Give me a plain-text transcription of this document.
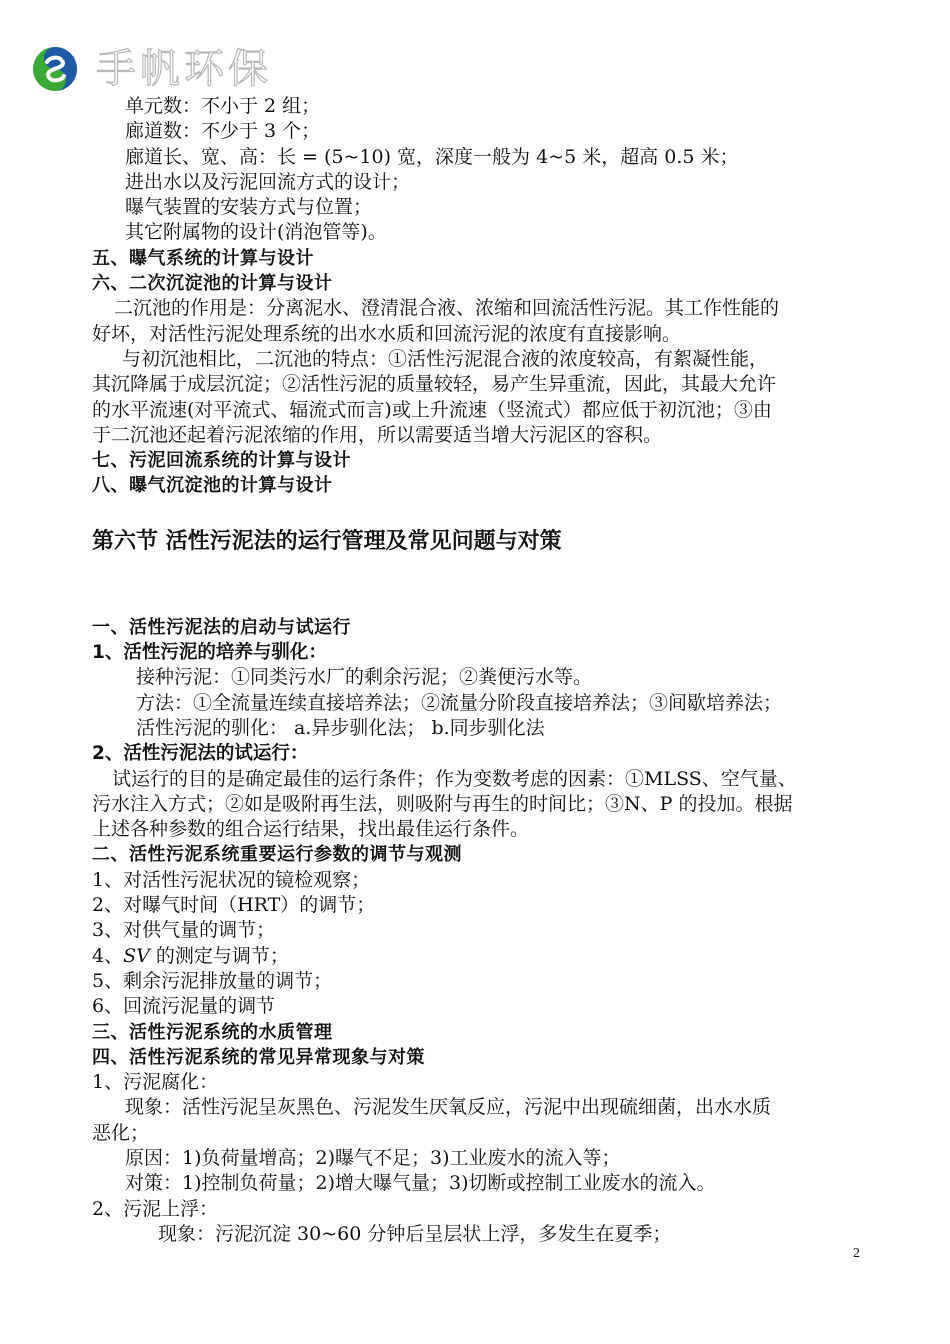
CHEFF 手帆环保
单元数：不小于 2 组；
廊道数：不少于 3 个；
廊道长、宽、高：长 = (5~10) 宽，深度一般为 4~5 米，超高 0.5 米；
进出水以及污泥回流方式的设计；
曝气装置的安装方式与位置；
其它附属物的设计(消泡管等)。
五、曝气系统的计算与设计
六、二次沉淀池的计算与设计
二沉池的作用是：分离泥水、澄清混合液、浓缩和回流活性污泥。其工作性能的
好坏，对活性污泥处理系统的出水水质和回流污泥的浓度有直接影响。
与初沉池相比，二沉池的特点：①活性污泥混合液的浓度较高，有絮凝性能，
其沉降属于成层沉淀；②活性污泥的质量较轻，易产生异重流，因此，其最大允许
的水平流速(对平流式、辐流式而言)或上升流速（竖流式）都应低于初沉池；③由
于二沉池还起着污泥浓缩的作用，所以需要适当增大污泥区的容积。
七、污泥回流系统的计算与设计
八、曝气沉淀池的计算与设计
第六节 活性污泥法的运行管理及常见问题与对策
一、活性污泥法的启动与试运行
1、活性污泥的培养与驯化：
接种污泥：①同类污水厂的剩余污泥；②粪便污水等。
方法：①全流量连续直接培养法；②流量分阶段直接培养法；③间歇培养法；
活性污泥的驯化： a.异步驯化法； b.同步驯化法
2、活性污泥法的试运行：
试运行的目的是确定最佳的运行条件；作为变数考虑的因素：①MLSS、空气量、
污水注入方式；②如是吸附再生法，则吸附与再生的时间比；③N、P 的投加。根据
上述各种参数的组合运行结果，找出最佳运行条件。
二、活性污泥系统重要运行参数的调节与观测
1、对活性污泥状况的镜检观察；
2、对曝气时间（HRT）的调节；
3、对供气量的调节；
4、SV 的测定与调节；
5、剩余污泥排放量的调节；
6、回流污泥量的调节
三、活性污泥系统的水质管理
四、活性污泥系统的常见异常现象与对策
1、污泥腐化：
现象：活性污泥呈灰黑色、污泥发生厌氧反应，污泥中出现硫细菌，出水水质
恶化；
原因：1)负荷量增高；2)曝气不足；3)工业废水的流入等；
对策：1)控制负荷量；2)增大曝气量；3)切断或控制工业废水的流入。
2、污泥上浮：
现象：污泥沉淀 30~60 分钟后呈层状上浮，多发生在夏季；
2
